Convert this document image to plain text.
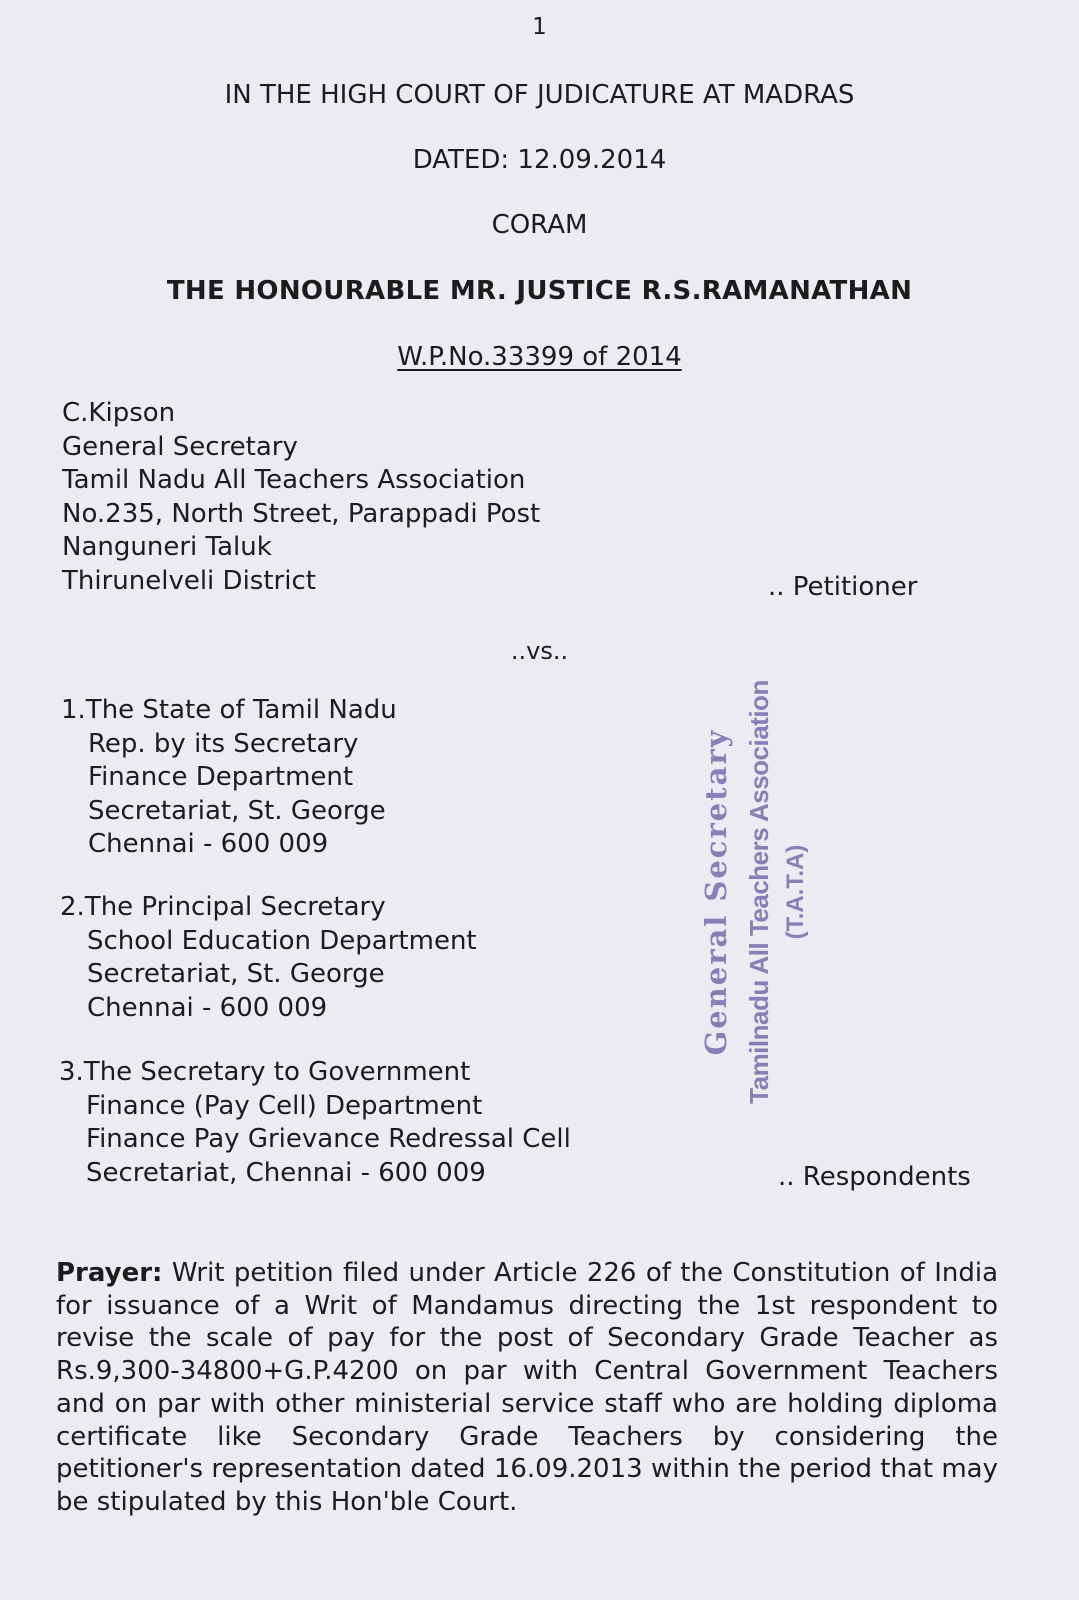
1
IN THE HIGH COURT OF JUDICATURE AT MADRAS
DATED: 12.09.2014
CORAM
THE HONOURABLE MR. JUSTICE R.S.RAMANATHAN
W.P.No.33399 of 2014
C.Kipson
General Secretary
Tamil Nadu All Teachers Association
No.235, North Street, Parappadi Post
Nanguneri Taluk
Thirunelveli District	.. Petitioner
..vs..
1.The State of Tamil Nadu
Rep. by its Secretary
Finance Department
Secretariat, St. George
Chennai - 600 009
2.The Principal Secretary
School Education Department
Secretariat, St. George
Chennai - 600 009
3.The Secretary to Government
Finance (Pay Cell) Department
Finance Pay Grievance Redressal Cell
Secretariat, Chennai - 600 009	.. Respondents
General Secretary Tamilnadu All Teachers Association (T.A.T.A)
Prayer: Writ petition filed under Article 226 of the Constitution of India for issuance of a Writ of Mandamus directing the 1st respondent to revise the scale of pay for the post of Secondary Grade Teacher as Rs.9,300-34800+G.P.4200 on par with Central Government Teachers and on par with other ministerial service staff who are holding diploma certificate like Secondary Grade Teachers by considering the petitioner's representation dated 16.09.2013 within the period that may be stipulated by this Hon'ble Court.
